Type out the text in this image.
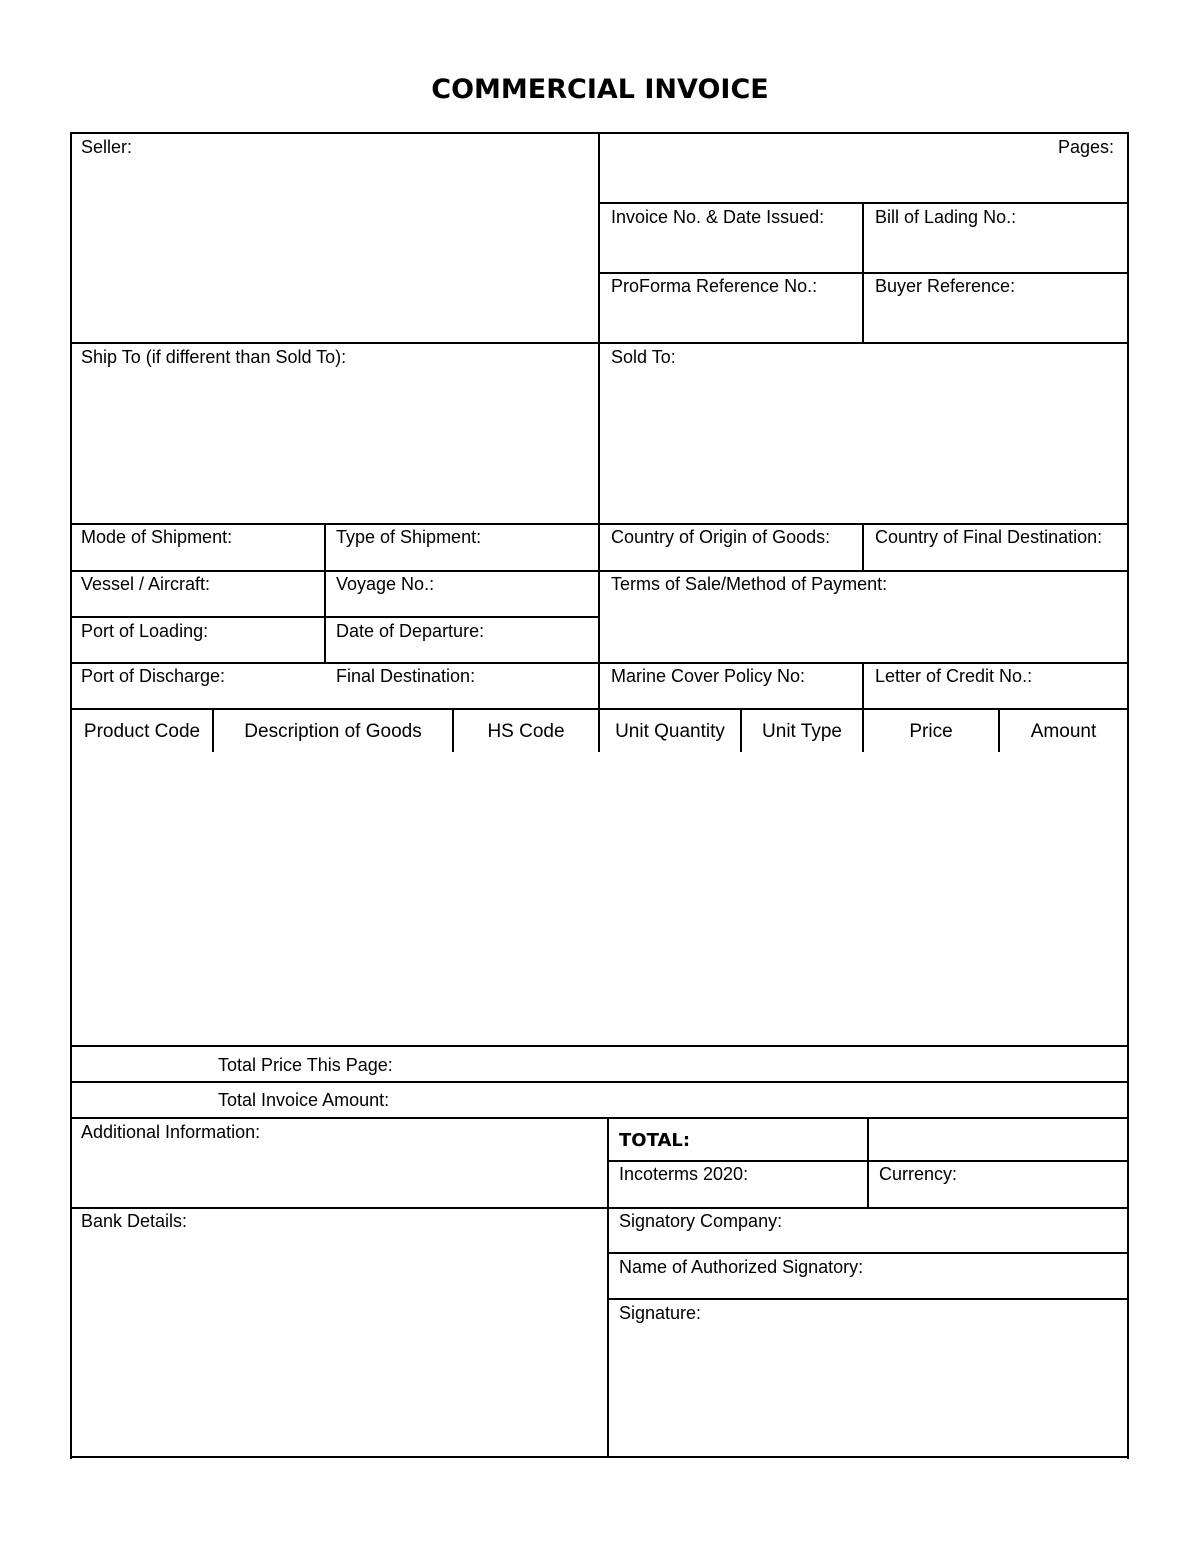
COMMERCIAL INVOICE
Seller:	Pages:
Invoice No. & Date Issued:	Bill of Lading No.:
ProForma Reference No.:	Buyer Reference:
Ship To (if different than Sold To):	Sold To:
Mode of Shipment:	Type of Shipment:	Country of Origin of Goods: Country of Final Destination:
Vessel / Aircraft:	Voyage No.:	Terms of Sale/Method of Payment:
Port of Loading:	Date of Departure:
Port of Discharge:	Final Destination:	Marine Cover Policy No:	Letter of Credit No.:
Product Code	Description of Goods	HS Code	Unit Quantity	Unit Type	Price	Amount
Total Price This Page:
Total Invoice Amount:
Additional Information:	TOTAL:
Incoterms 2020:	Currency:
Bank Details:	Signatory Company:
Name of Authorized Signatory:
Signature:
